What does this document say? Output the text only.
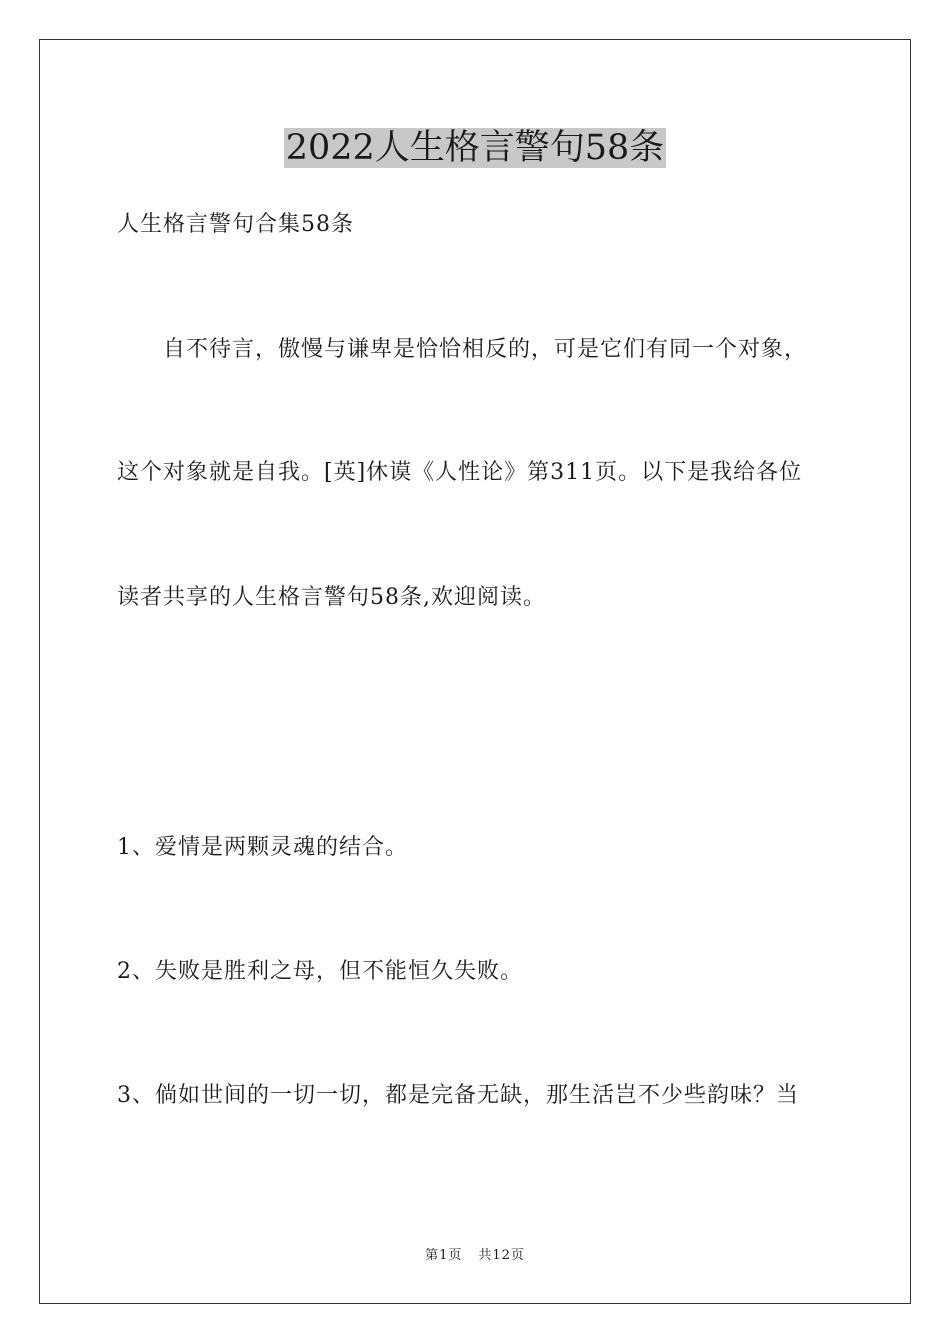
2022人生格言警句58条
人生格言警句合集58条
自不待言，傲慢与谦卑是恰恰相反的，可是它们有同一个对象，
这个对象就是自我。[英]休谟《人性论》第311页。以下是我给各位
读者共享的人生格言警句58条,欢迎阅读。
1、爱情是两颗灵魂的结合。
2、失败是胜利之母，但不能恒久失败。
3、倘如世间的一切一切，都是完备无缺，那生活岂不少些韵味？当
第1页 共12页
